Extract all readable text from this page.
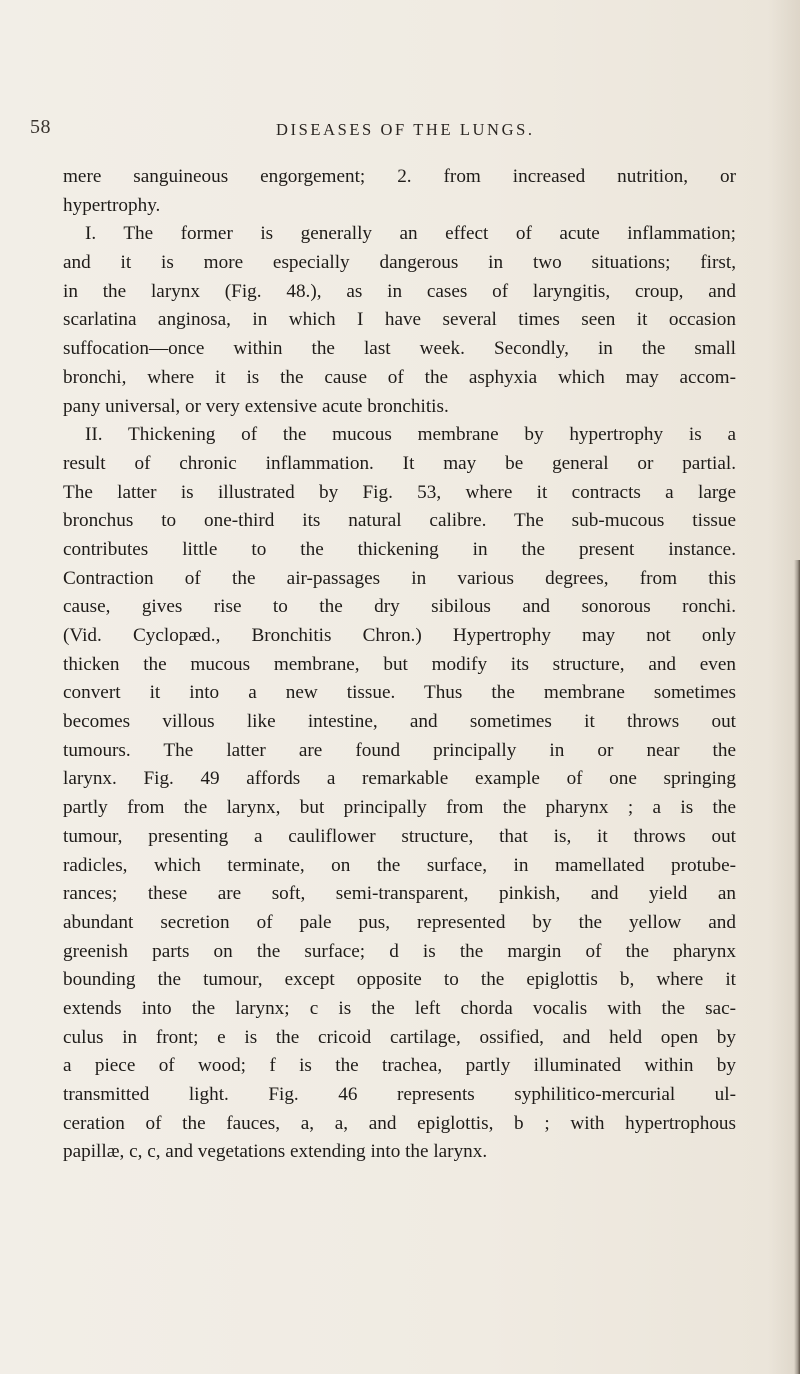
58	DISEASES OF THE LUNGS.
mere sanguineous engorgement; 2. from increased nutrition, or
hypertrophy.
I. The former is generally an effect of acute inflammation;
and it is more especially dangerous in two situations; first,
in the larynx (Fig. 48.), as in cases of laryngitis, croup, and
scarlatina anginosa, in which I have several times seen it occasion
suffocation—once within the last week. Secondly, in the small
bronchi, where it is the cause of the asphyxia which may accom-
pany universal, or very extensive acute bronchitis.
II. Thickening of the mucous membrane by hypertrophy is a
result of chronic inflammation. It may be general or partial.
The latter is illustrated by Fig. 53, where it contracts a large
bronchus to one-third its natural calibre. The sub-mucous tissue
contributes little to the thickening in the present instance.
Contraction of the air-passages in various degrees, from this
cause, gives rise to the dry sibilous and sonorous ronchi.
(Vid. Cyclopæd., Bronchitis Chron.) Hypertrophy may not only
thicken the mucous membrane, but modify its structure, and even
convert it into a new tissue. Thus the membrane sometimes
becomes villous like intestine, and sometimes it throws out
tumours. The latter are found principally in or near the
larynx. Fig. 49 affords a remarkable example of one springing
partly from the larynx, but principally from the pharynx ; a is the
tumour, presenting a cauliflower structure, that is, it throws out
radicles, which terminate, on the surface, in mamellated protube-
rances; these are soft, semi-transparent, pinkish, and yield an
abundant secretion of pale pus, represented by the yellow and
greenish parts on the surface; d is the margin of the pharynx
bounding the tumour, except opposite to the epiglottis b, where it
extends into the larynx; c is the left chorda vocalis with the sac-
culus in front; e is the cricoid cartilage, ossified, and held open by
a piece of wood; f is the trachea, partly illuminated within by
transmitted light. Fig. 46 represents syphilitico-mercurial ul-
ceration of the fauces, a, a, and epiglottis, b ; with hypertrophous
papillæ, c, c, and vegetations extending into the larynx.
